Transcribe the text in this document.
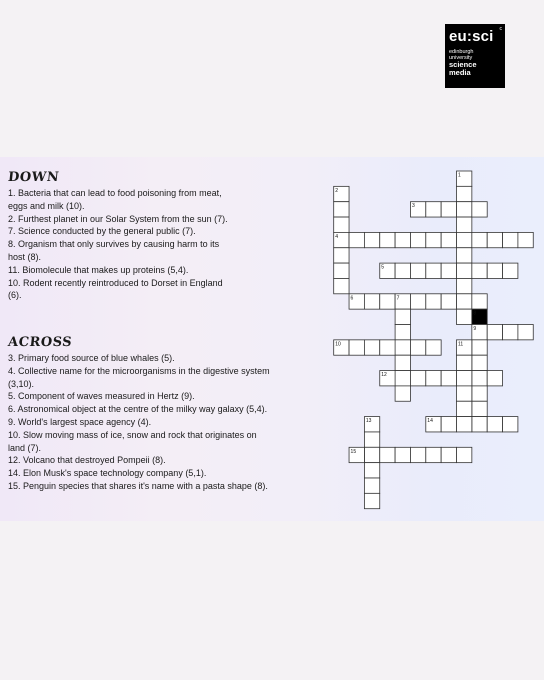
c
eu:sci
edinburgh
university
science
media
DOWN
1. Bacteria that can lead to food poisoning from meat,
eggs and milk (10).
2. Furthest planet in our Solar System from the sun (7).
7. Science conducted by the general public (7).
8. Organism that only survives by causing harm to its
host (8).
11. Biomolecule that makes up proteins (5,4).
10. Rodent recently reintroduced to Dorset in England
(6).
ACROSS
3. Primary food source of blue whales (5).
4. Collective name for the microorganisms in the digestive system
(3,10).
5. Component of waves measured in Hertz (9).
6. Astronomical object at the centre of the milky way galaxy (5,4).
9. World's largest space agency (4).
10. Slow moving mass of ice, snow and rock that originates on
land (7).
12. Volcano that destroyed Pompeii (8).
14. Elon Musk's space technology company (5,1).
15. Penguin species that shares it's name with a pasta shape (8).
1
2
3
4
5
6	7
8
9
10	11
12
13	14
15
